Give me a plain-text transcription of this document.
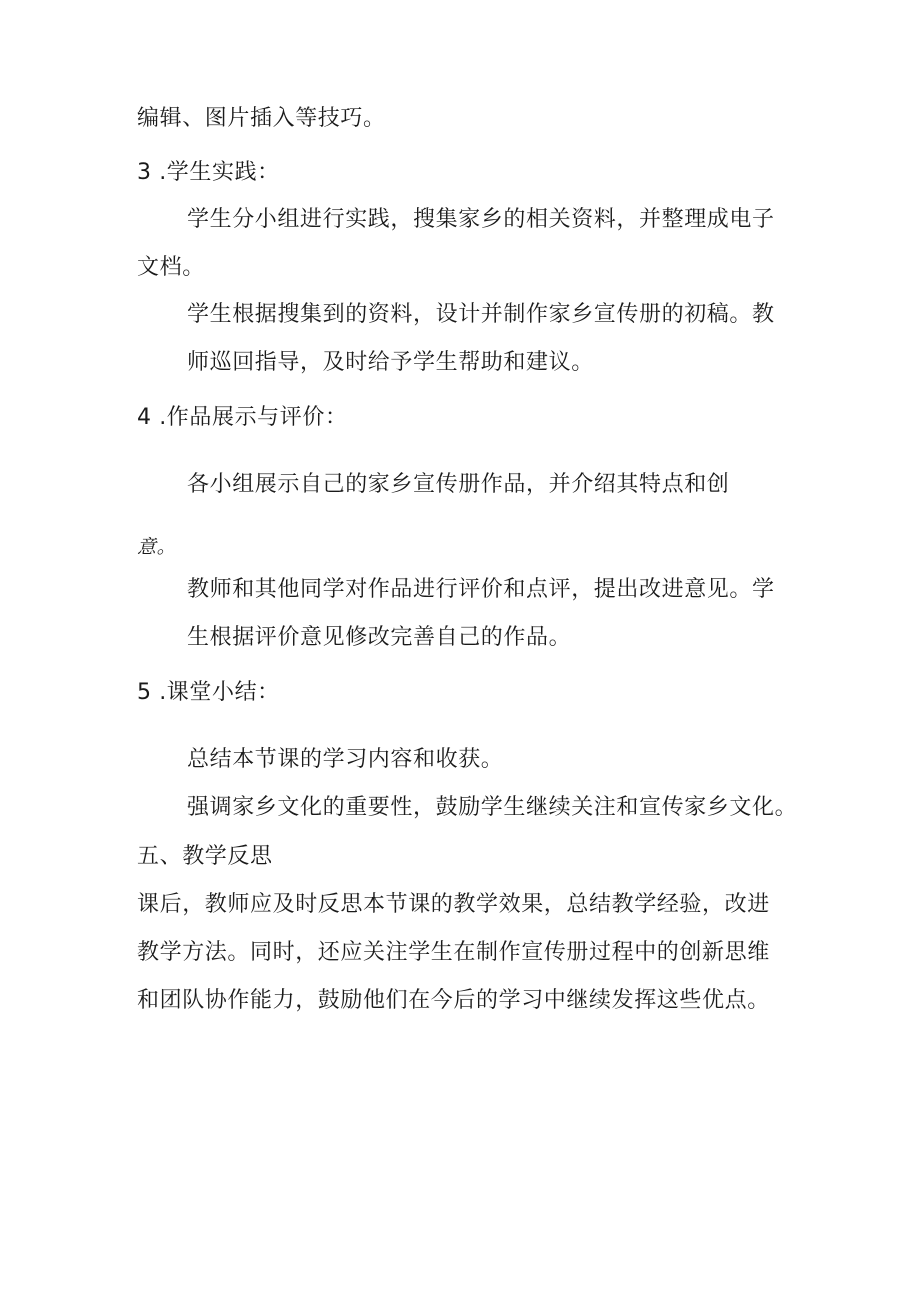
编辑、图片插入等技巧。
3 .学生实践：
学生分小组进行实践，搜集家乡的相关资料，并整理成电子
文档。
学生根据搜集到的资料，设计并制作家乡宣传册的初稿。教
师巡回指导，及时给予学生帮助和建议。
4 .作品展示与评价：
各小组展示自己的家乡宣传册作品，并介绍其特点和创
意。
教师和其他同学对作品进行评价和点评，提出改进意见。学
生根据评价意见修改完善自己的作品。
5 .课堂小结：
总结本节课的学习内容和收获。
强调家乡文化的重要性，鼓励学生继续关注和宣传家乡文化。
五、教学反思
课后，教师应及时反思本节课的教学效果，总结教学经验，改进
教学方法。同时，还应关注学生在制作宣传册过程中的创新思维
和团队协作能力，鼓励他们在今后的学习中继续发挥这些优点。
